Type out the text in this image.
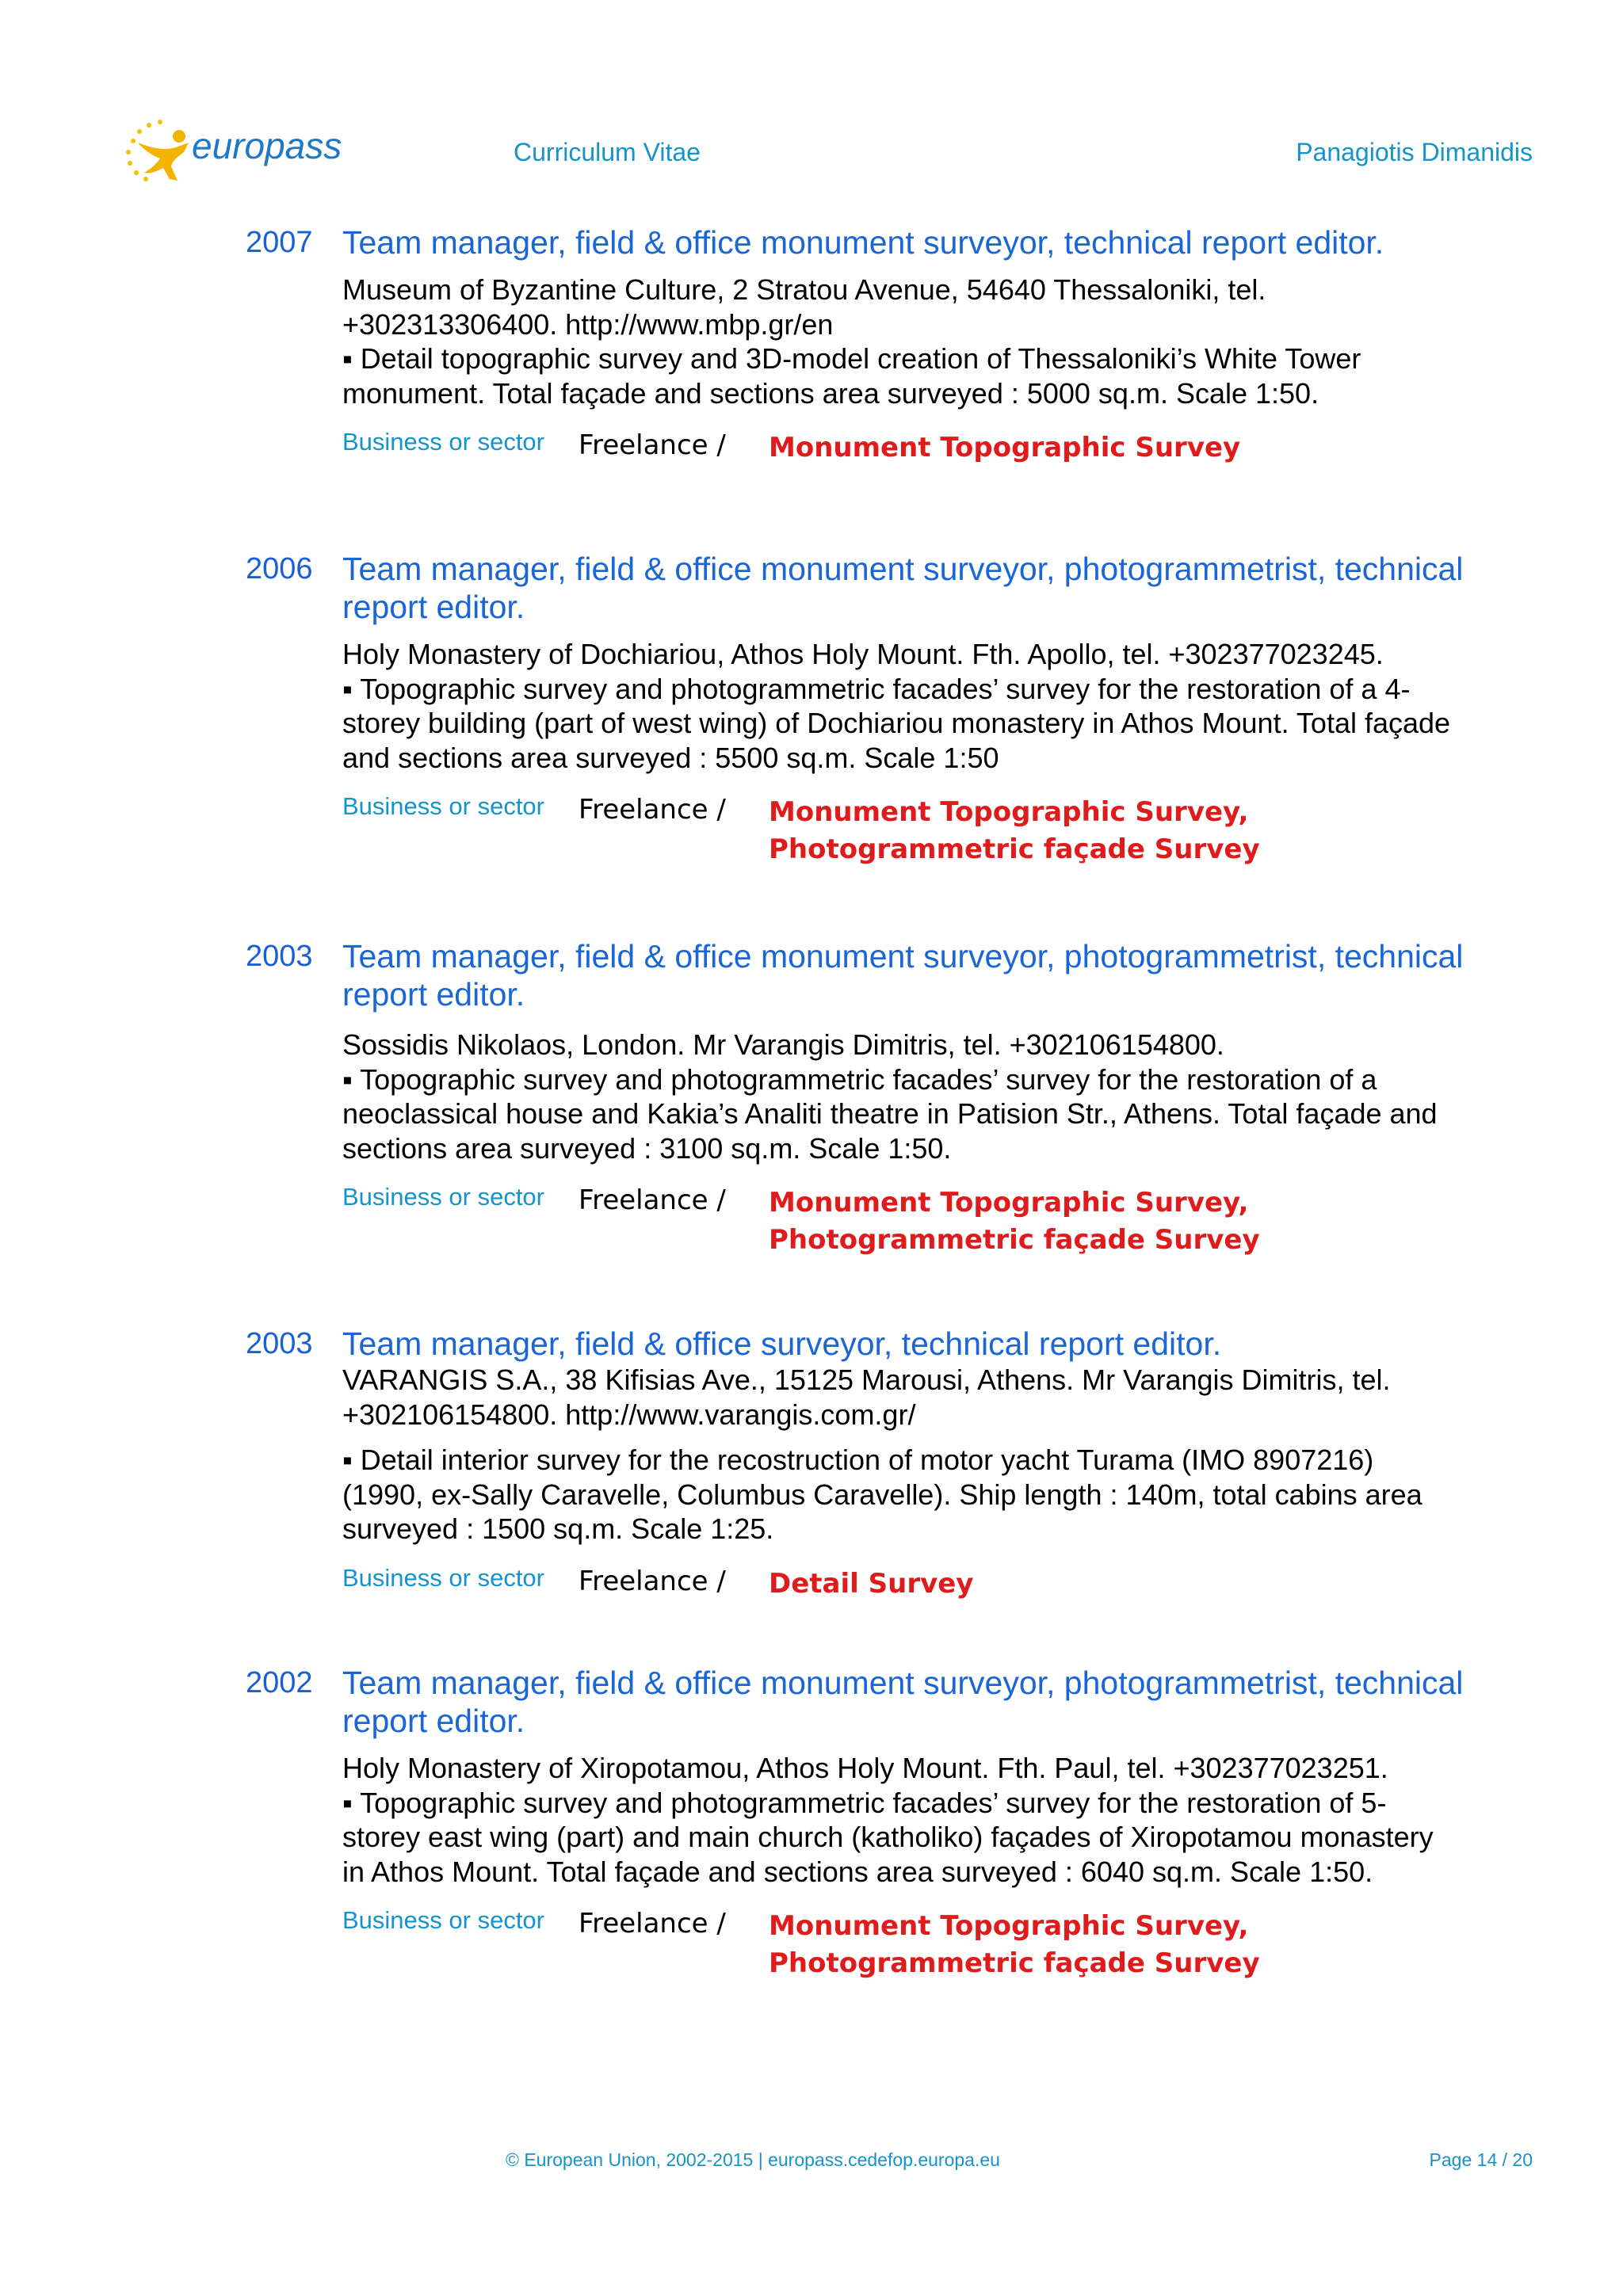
europass	Curriculum Vitae	Panagiotis Dimanidis
2007 Team manager, field & office monument surveyor, technical report editor.

Museum of Byzantine Culture, 2 Stratou Avenue, 54640 Thessaloniki, tel.
+302313306400. http://www.mbp.gr/en

▪ Detail topographic survey and 3D-model creation of Thessaloniki’s White Tower
monument. Total façade and sections area surveyed : 5000 sq.m. Scale 1:50.

Business or sector Freelance / Monument Topographic Survey
2006 Team manager, field & office monument surveyor, photogrammetrist, technical report editor.

Holy Monastery of Dochiariou, Athos Holy Mount. Fth. Apollo, tel. +302377023245.

▪ Topographic survey and photogrammetric facades’ survey for the restoration of a 4-
storey building (part of west wing) of Dochiariou monastery in Athos Mount. Total façade
and sections area surveyed : 5500 sq.m. Scale 1:50

Business or sector Freelance / Monument Topographic Survey, Photogrammetric façade Survey
2003 Team manager, field & office monument surveyor, photogrammetrist, technical report editor.

Sossidis Nikolaos, London. Mr Varangis Dimitris, tel. +302106154800.

▪ Topographic survey and photogrammetric facades’ survey for the restoration of a
neoclassical house and Kakia’s Analiti theatre in Patision Str., Athens. Total façade and
sections area surveyed : 3100 sq.m. Scale 1:50.

Business or sector Freelance / Monument Topographic Survey, Photogrammetric façade Survey
2003 Team manager, field & office surveyor, technical report editor.

VARANGIS S.A., 38 Kifisias Ave., 15125 Marousi, Athens. Mr Varangis Dimitris, tel.
+302106154800. http://www.varangis.com.gr/

▪ Detail interior survey for the recostruction of motor yacht Turama (IMO 8907216)
(1990, ex-Sally Caravelle, Columbus Caravelle). Ship length : 140m, total cabins area
surveyed : 1500 sq.m. Scale 1:25.

Business or sector Freelance / Detail Survey
2002 Team manager, field & office monument surveyor, photogrammetrist, technical report editor.

Holy Monastery of Xiropotamou, Athos Holy Mount. Fth. Paul, tel. +302377023251.

▪ Topographic survey and photogrammetric facades’ survey for the restoration of 5-
storey east wing (part) and main church (katholiko) façades of Xiropotamou monastery
in Athos Mount. Total façade and sections area surveyed : 6040 sq.m. Scale 1:50.

Business or sector Freelance / Monument Topographic Survey, Photogrammetric façade Survey
© European Union, 2002-2015 | europass.cedefop.europa.eu	Page 14 / 20
